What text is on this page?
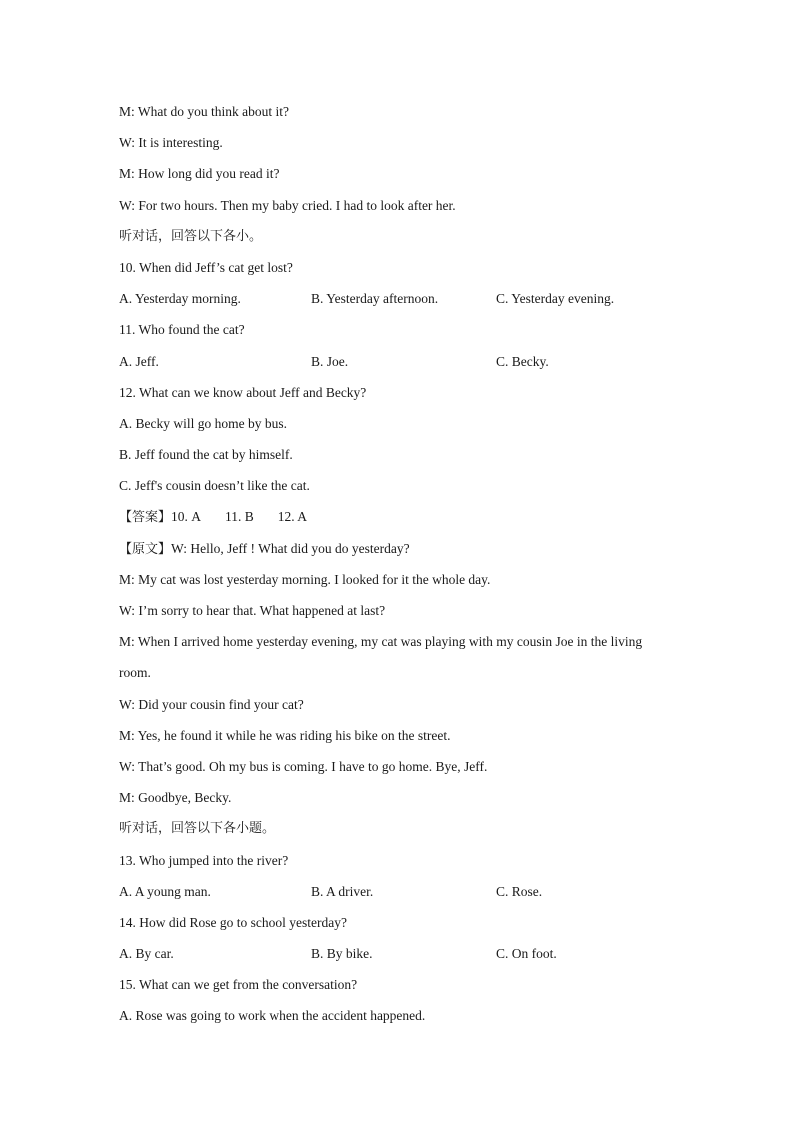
M: What do you think about it?
W: It is interesting.
M: How long did you read it?
W: For two hours. Then my baby cried. I had to look after her.
听对话，回答以下各小。
10. When did Jeff’s cat get lost?
A. Yesterday morning.	B. Yesterday afternoon.	C. Yesterday evening.
11. Who found the cat?
A. Jeff.	B. Joe.	C. Becky.
12. What can we know about Jeff and Becky?
A. Becky will go home by bus.
B. Jeff found the cat by himself.
C. Jeff's cousin doesn’t like the cat.
【答案】10. A 11. B 12. A
【原文】W: Hello, Jeff ! What did you do yesterday?
M: My cat was lost yesterday morning. I looked for it the whole day.
W: I’m sorry to hear that. What happened at last?
M: When I arrived home yesterday evening, my cat was playing with my cousin Joe in the living
room.
W: Did your cousin find your cat?
M: Yes, he found it while he was riding his bike on the street.
W: That’s good. Oh my bus is coming. I have to go home. Bye, Jeff.
M: Goodbye, Becky.
听对话，回答以下各小题。
13. Who jumped into the river?
A. A young man.	B. A driver.	C. Rose.
14. How did Rose go to school yesterday?
A. By car.	B. By bike.	C. On foot.
15. What can we get from the conversation?
A. Rose was going to work when the accident happened.
